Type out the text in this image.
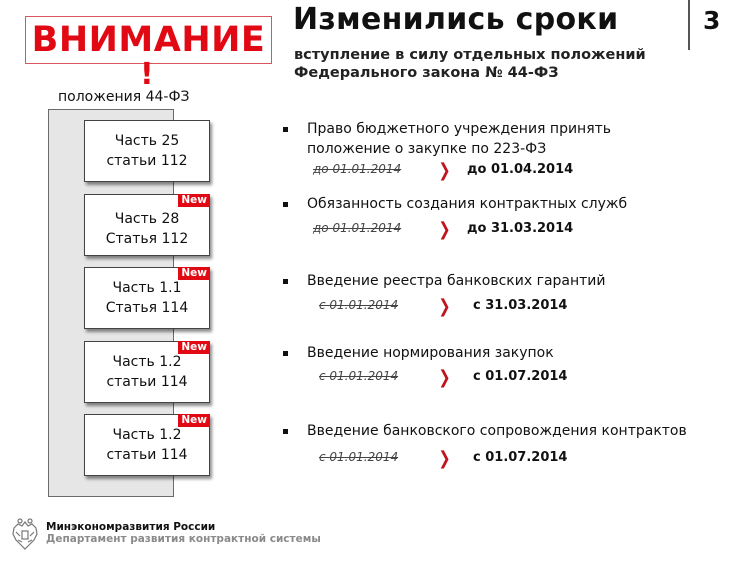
ВНИМАНИЕ
!
Изменились сроки
вступление в силу отдельных положений
Федерального закона № 44-ФЗ
3
положения 44-ФЗ
Часть 25
статьи 112
New
Часть 28
Статья 112
New
Часть 1.1
Статья 114
New
Часть 1.2
статьи 114
New
Часть 1.2
статьи 114
Право бюджетного учреждения принять
положение о закупке по 223-ФЗ
до 01.01.2014 ❯ до 01.04.2014
Обязанность создания контрактных служб
до 01.01.2014 ❯ до 31.03.2014
Введение реестра банковских гарантий
с 01.01.2014 ❯ с 31.03.2014
Введение нормирования закупок
с 01.01.2014 ❯ с 01.07.2014
Введение банковского сопровождения контрактов
с 01.01.2014 ❯ с 01.07.2014
Минэкономразвития России
Департамент развития контрактной системы
